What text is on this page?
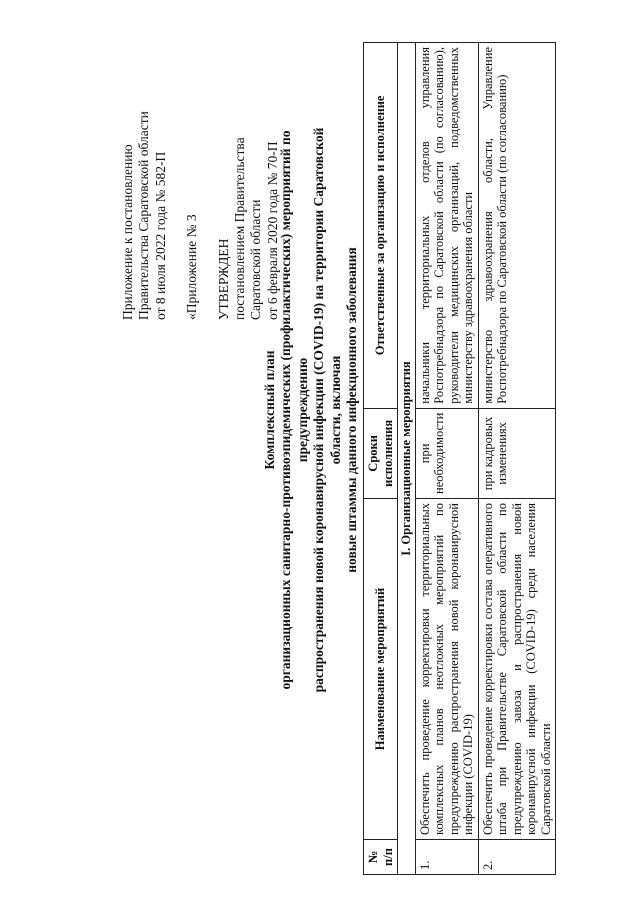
Приложение к постановлению Правительства Саратовской области от 8 июля 2022 года № 582-П «Приложение № 3 УТВЕРЖДЕН постановлением Правительства Саратовской области от 6 февраля 2020 года № 70-П
Комплексный план организационных санитарно-противоэпидемических (профилактических) мероприятий по предупреждению распространения новой коронавирусной инфекции (COVID-19) на территории Саратовской области, включая новые штаммы данного инфекционного заболевания
№ п/п	Наименование мероприятий	Сроки исполнения	Ответственные за организацию и исполнение
I. Организационные мероприятия			
1.	Обеспечить проведение корректировки территориальных комплексных планов неотложных мероприятий по предупреждению распространения новой коронавирусной инфекции (COVID-19)	при необходимости	начальники территориальных отделов управления Роспотребнадзора по Саратовской области (по согласованию), руководители медицинских организаций, подведомственных министерству здравоохранения области
2.	Обеспечить проведение корректировки состава оперативного штаба при Правительстве Саратовской области по предупреждению завоза и распространения новой коронавирусной инфекции (COVID-19) среди населения Саратовской области	при кадровых изменениях	министерство здравоохранения области, Управление Роспотребнадзора по Саратовской области (по согласованию)
